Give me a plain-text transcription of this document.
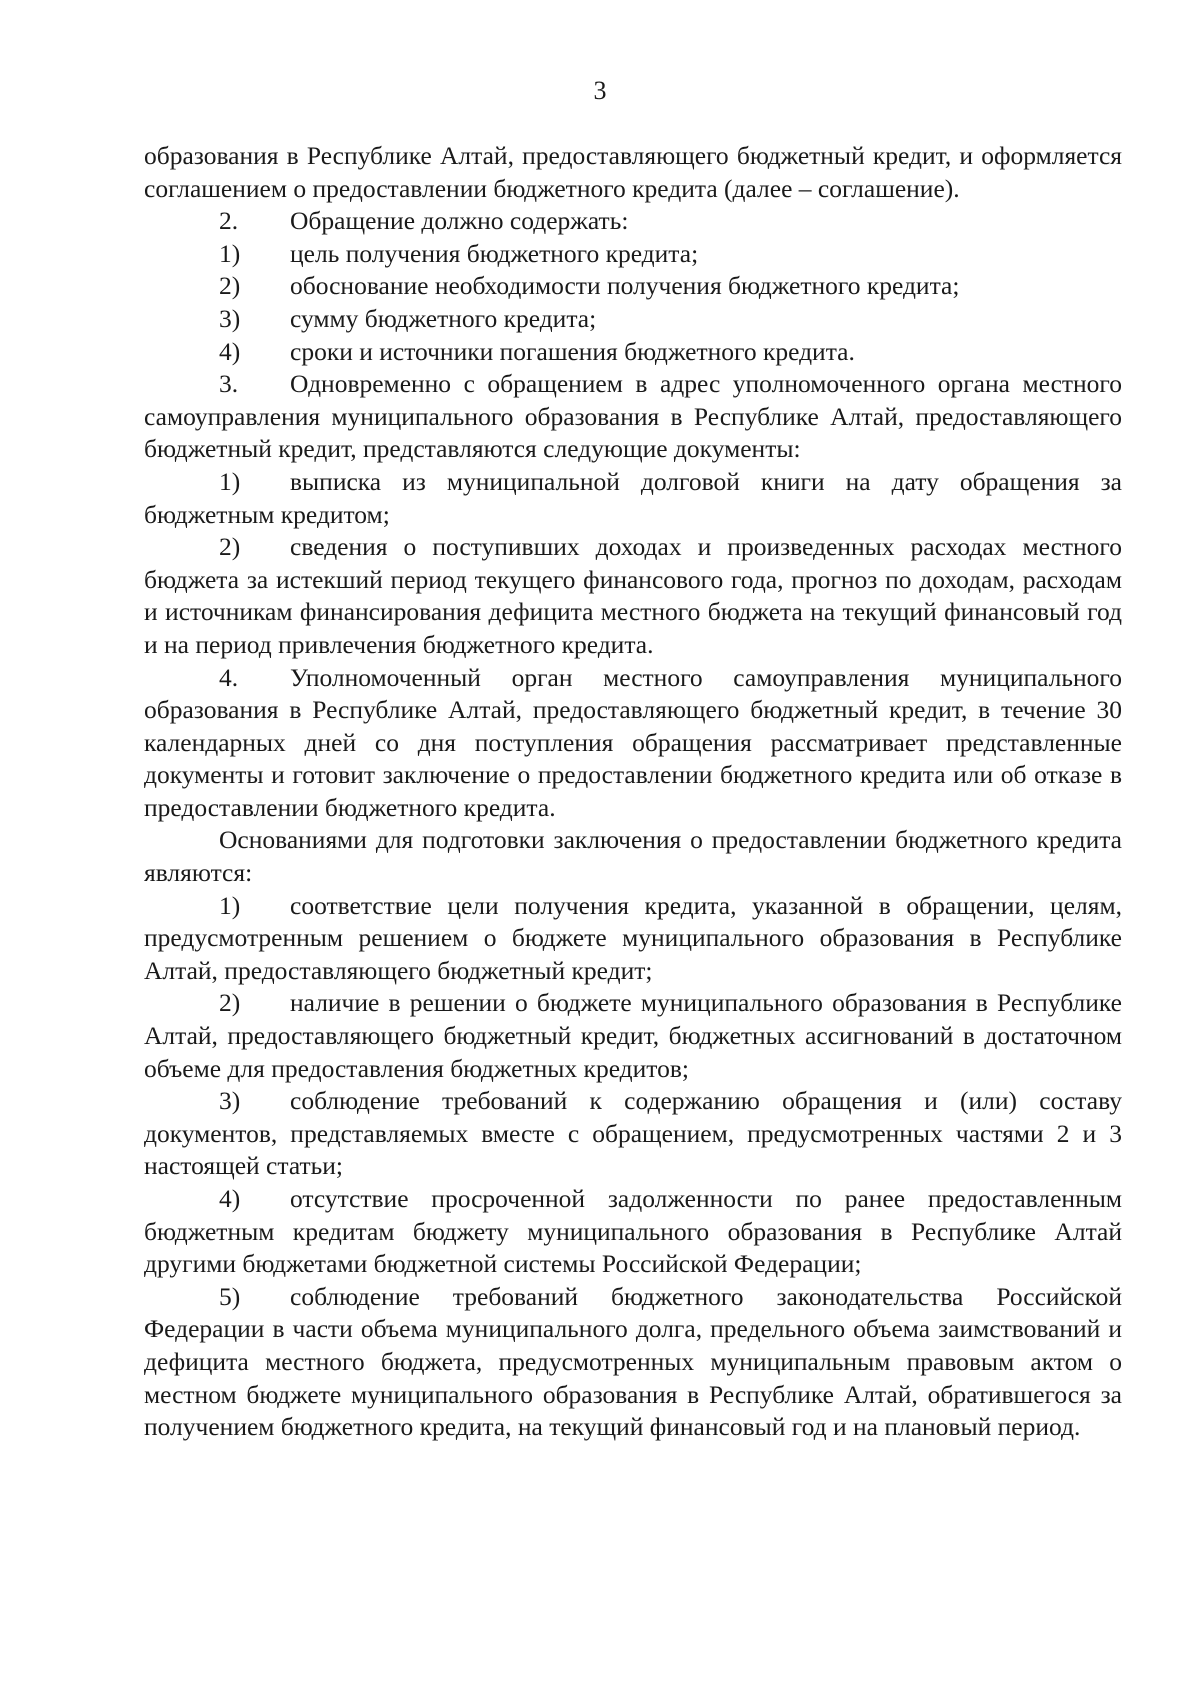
3

образования в Республике Алтай, предоставляющего бюджетный кредит, и оформляется соглашением о предоставлении бюджетного кредита (далее – соглашение).

2. Обращение должно содержать:

1) цель получения бюджетного кредита;

2) обоснование необходимости получения бюджетного кредита;

3) сумму бюджетного кредита;

4) сроки и источники погашения бюджетного кредита.

3. Одновременно с обращением в адрес уполномоченного органа местного самоуправления муниципального образования в Республике Алтай, предоставляющего бюджетный кредит, представляются следующие документы:

1) выписка из муниципальной долговой книги на дату обращения за бюджетным кредитом;

2) сведения о поступивших доходах и произведенных расходах местного бюджета за истекший период текущего финансового года, прогноз по доходам, расходам и источникам финансирования дефицита местного бюджета на текущий финансовый год и на период привлечения бюджетного кредита.

4. Уполномоченный орган местного самоуправления муниципального образования в Республике Алтай, предоставляющего бюджетный кредит, в течение 30 календарных дней со дня поступления обращения рассматривает представленные документы и готовит заключение о предоставлении бюджетного кредита или об отказе в предоставлении бюджетного кредита.

Основаниями для подготовки заключения о предоставлении бюджетного кредита являются:

1) соответствие цели получения кредита, указанной в обращении, целям, предусмотренным решением о бюджете муниципального образования в Республике Алтай, предоставляющего бюджетный кредит;

2) наличие в решении о бюджете муниципального образования в Республике Алтай, предоставляющего бюджетный кредит, бюджетных ассигнований в достаточном объеме для предоставления бюджетных кредитов;

3) соблюдение требований к содержанию обращения и (или) составу документов, представляемых вместе с обращением, предусмотренных частями 2 и 3 настоящей статьи;

4) отсутствие просроченной задолженности по ранее предоставленным бюджетным кредитам бюджету муниципального образования в Республике Алтай другими бюджетами бюджетной системы Российской Федерации;

5) соблюдение требований бюджетного законодательства Российской Федерации в части объема муниципального долга, предельного объема заимствований и дефицита местного бюджета, предусмотренных муниципальным правовым актом о местном бюджете муниципального образования в Республике Алтай, обратившегося за получением бюджетного кредита, на текущий финансовый год и на плановый период.
